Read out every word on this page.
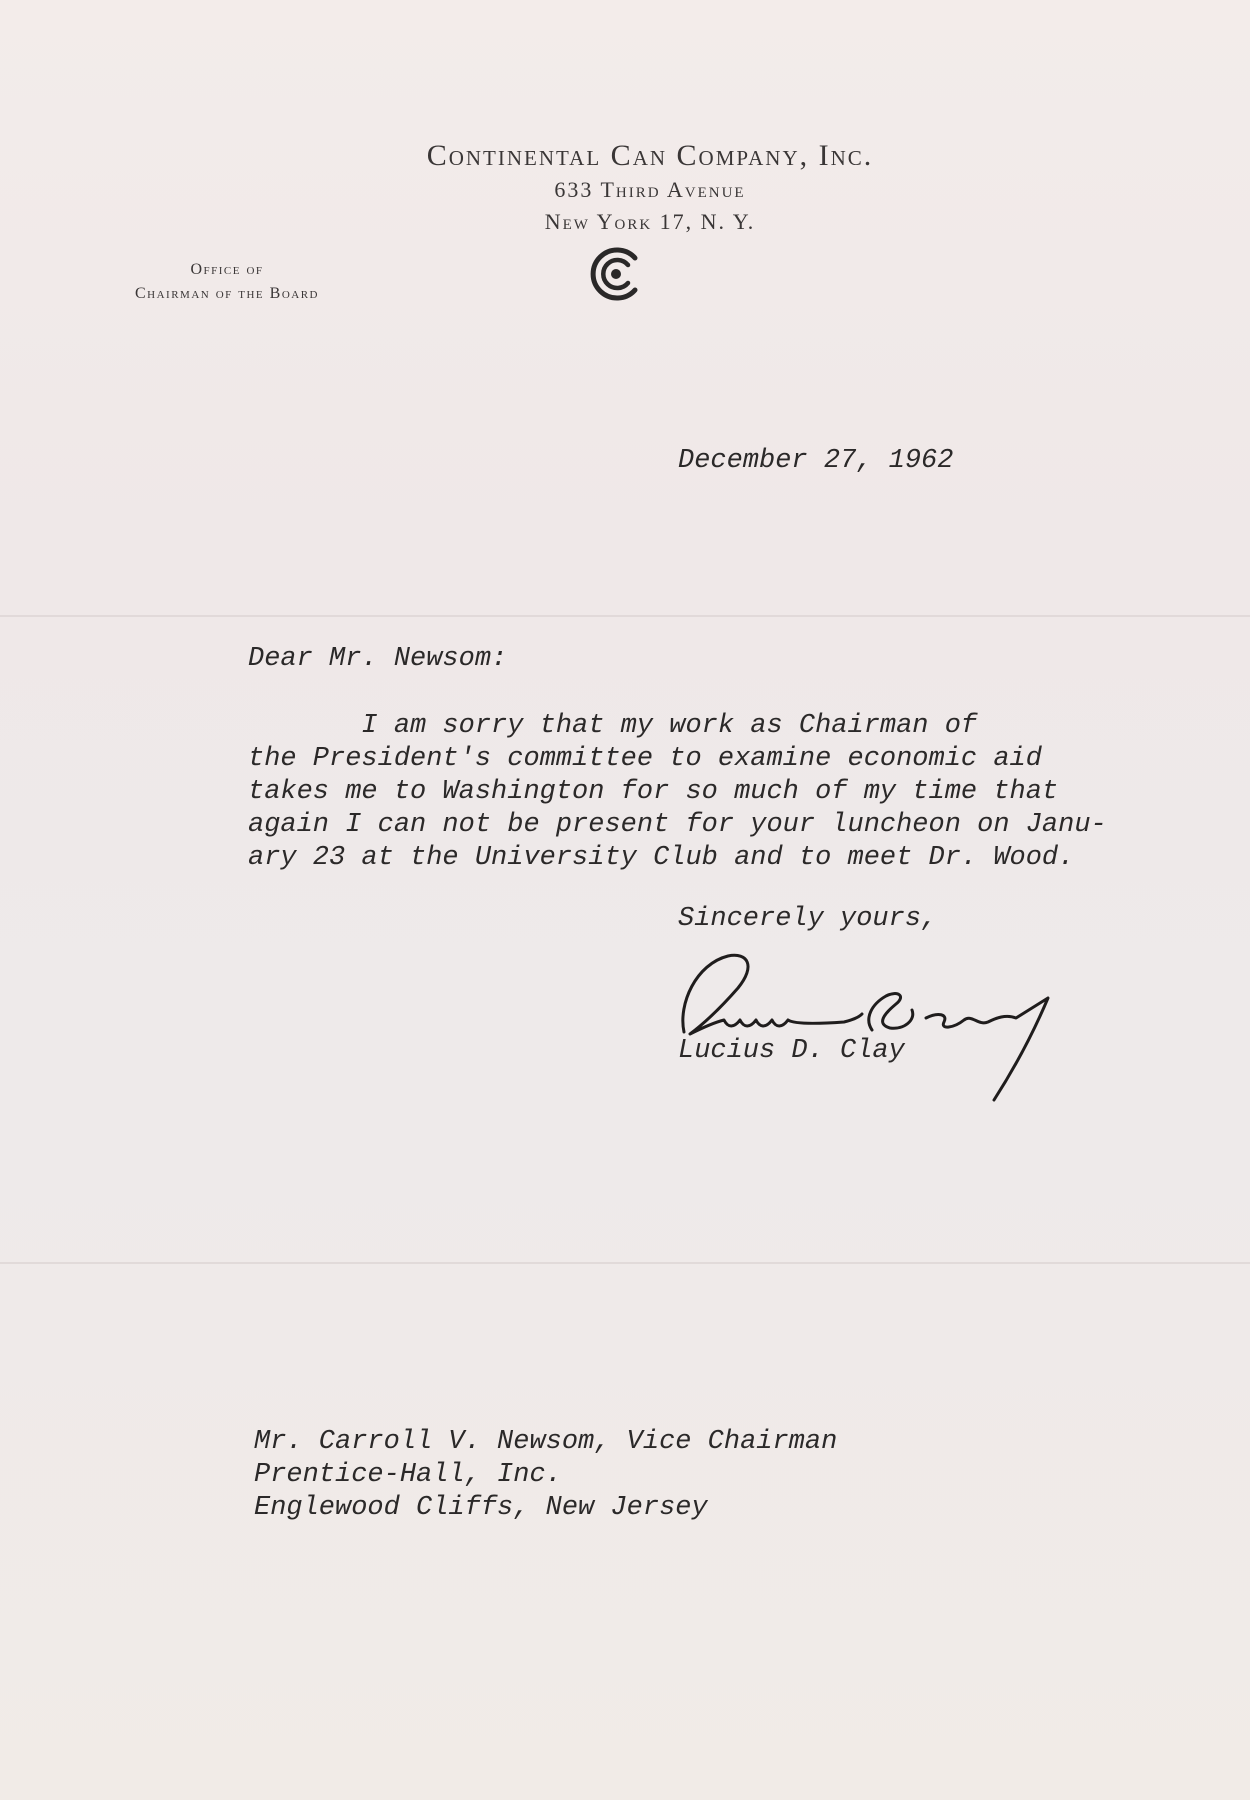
Continental Can Company, Inc.
633 Third Avenue
New York 17, N. Y.
Office of
Chairman of the Board
December 27, 1962
Dear Mr. Newsom:
I am sorry that my work as Chairman of
the President's committee to examine economic aid
takes me to Washington for so much of my time that
again I can not be present for your luncheon on Janu-
ary 23 at the University Club and to meet Dr. Wood.
Sincerely yours,
Lucius D. Clay
Mr. Carroll V. Newsom, Vice Chairman
Prentice-Hall, Inc.
Englewood Cliffs, New Jersey
